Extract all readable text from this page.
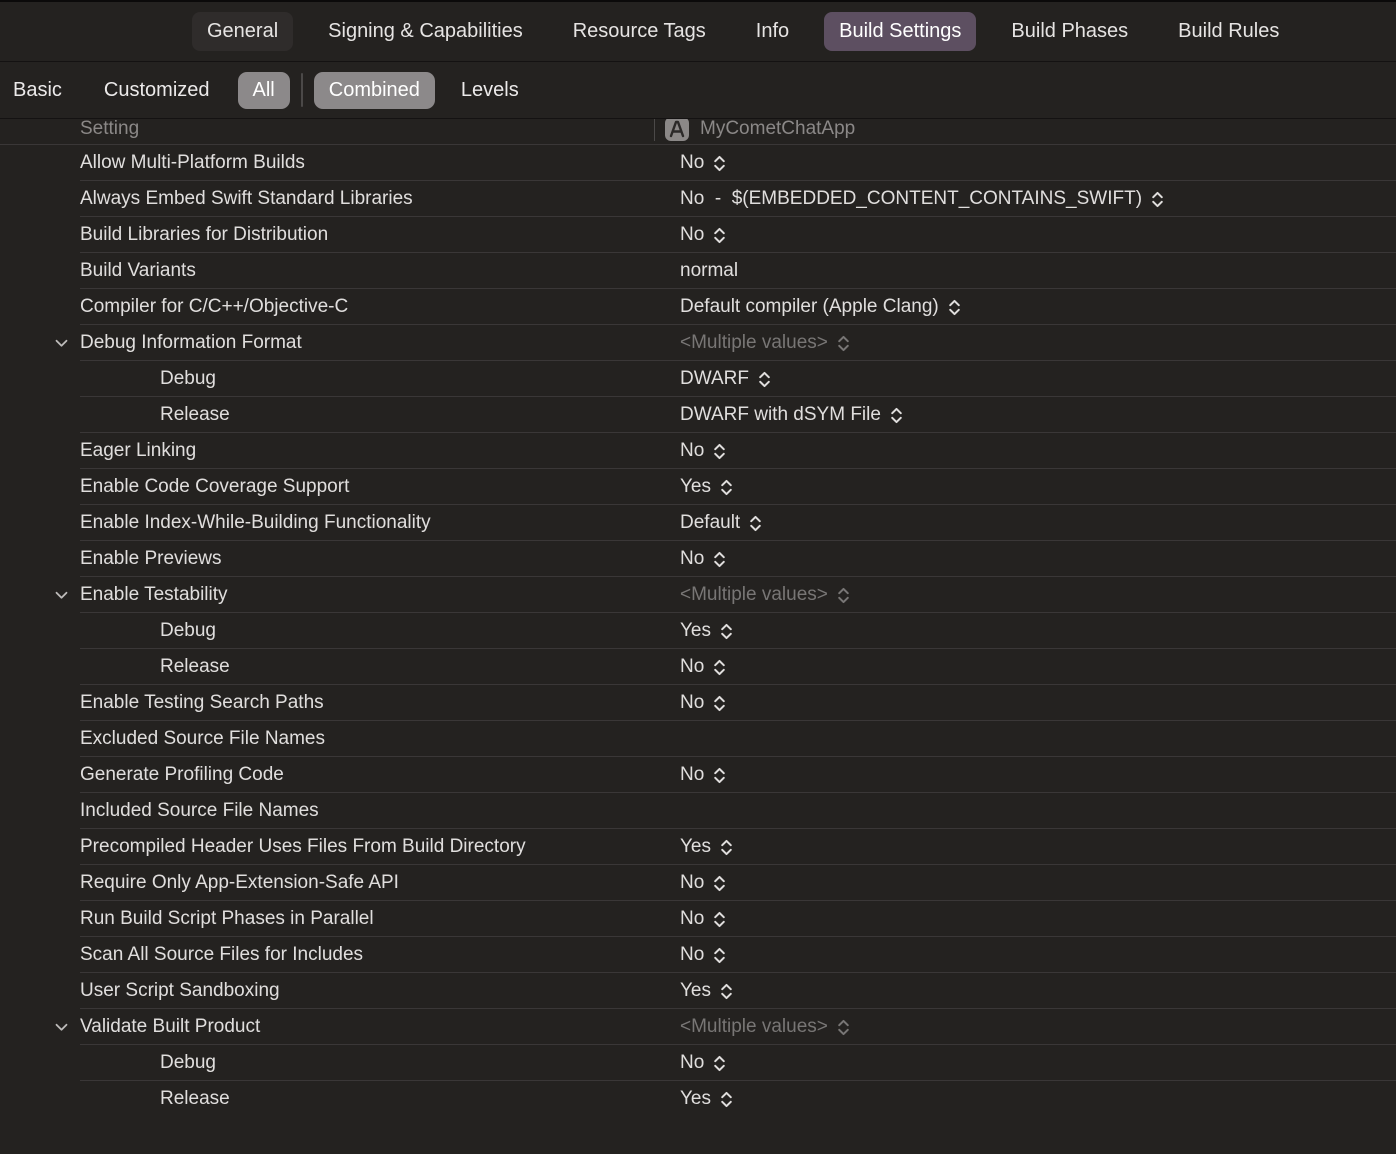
General	Signing & Capabilities	Resource Tags	Info	Build Settings	Build Phases	Build Rules
Basic Customized	All	Combined	Levels
Setting	MyCometChatApp
Allow Multi-Platform Builds	No
Always Embed Swift Standard Libraries	No  -  $(EMBEDDED_CONTENT_CONTAINS_SWIFT)
Build Libraries for Distribution	No
Build Variants	normal
Compiler for C/C++/Objective-C	Default compiler (Apple Clang)
Debug Information Format	<Multiple values>
Debug	DWARF
Release	DWARF with dSYM File
Eager Linking	No
Enable Code Coverage Support	Yes
Enable Index-While-Building Functionality	Default
Enable Previews	No
Enable Testability	<Multiple values>
Debug	Yes
Release	No
Enable Testing Search Paths	No
Excluded Source File Names
Generate Profiling Code	No
Included Source File Names
Precompiled Header Uses Files From Build Directory	Yes
Require Only App-Extension-Safe API	No
Run Build Script Phases in Parallel	No
Scan All Source Files for Includes	No
User Script Sandboxing	Yes
Validate Built Product	<Multiple values>
Debug	No
Release	Yes
